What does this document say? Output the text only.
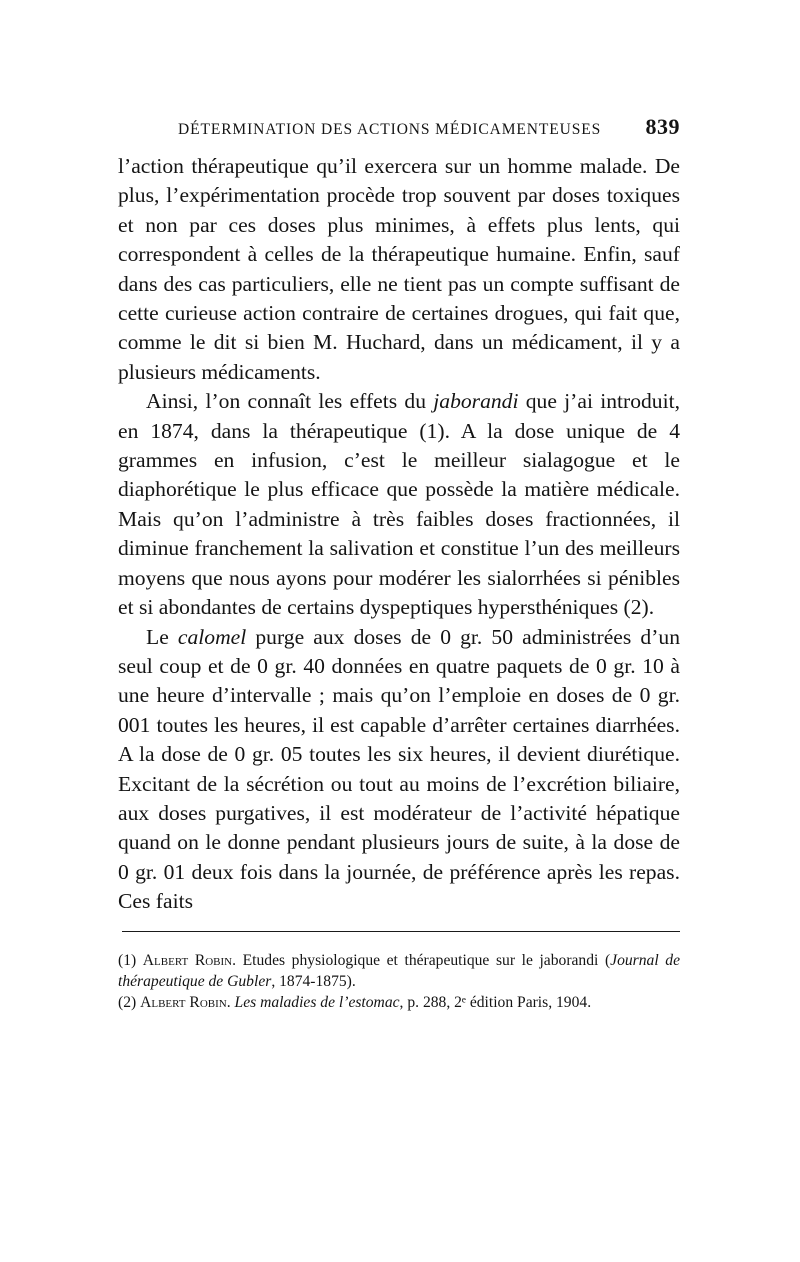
DÉTERMINATION DES ACTIONS MÉDICAMENTEUSES 839

l’action thérapeutique qu’il exercera sur un homme malade. De plus, l’expérimentation procède trop souvent par doses toxiques et non par ces doses plus minimes, à effets plus lents, qui correspondent à celles de la thérapeutique humaine. Enfin, sauf dans des cas particuliers, elle ne tient pas un compte suffisant de cette curieuse action contraire de certaines drogues, qui fait que, comme le dit si bien M. Huchard, dans un médicament, il y a plusieurs médicaments.

Ainsi, l’on connaît les effets du jaborandi que j’ai introduit, en 1874, dans la thérapeutique (1). A la dose unique de 4 grammes en infusion, c’est le meilleur sialagogue et le diaphorétique le plus efficace que possède la matière médicale. Mais qu’on l’administre à très faibles doses fractionnées, il diminue franchement la salivation et constitue l’un des meilleurs moyens que nous ayons pour modérer les sialorrhées si pénibles et si abondantes de certains dyspeptiques hypersthéniques (2).

Le calomel purge aux doses de 0 gr. 50 administrées d’un seul coup et de 0 gr. 40 données en quatre paquets de 0 gr. 10 à une heure d’intervalle ; mais qu’on l’emploie en doses de 0 gr. 001 toutes les heures, il est capable d’arrêter certaines diarrhées. A la dose de 0 gr. 05 toutes les six heures, il devient diurétique. Excitant de la sécrétion ou tout au moins de l’excrétion biliaire, aux doses purgatives, il est modérateur de l’activité hépatique quand on le donne pendant plusieurs jours de suite, à la dose de 0 gr. 01 deux fois dans la journée, de préférence après les repas. Ces faits

(1) Albert Robin. Etudes physiologique et thérapeutique sur le jaborandi (Journal de thérapeutique de Gubler, 1874-1875).

(2) Albert Robin. Les maladies de l’estomac, p. 288, 2ᵉ édition Paris, 1904.
